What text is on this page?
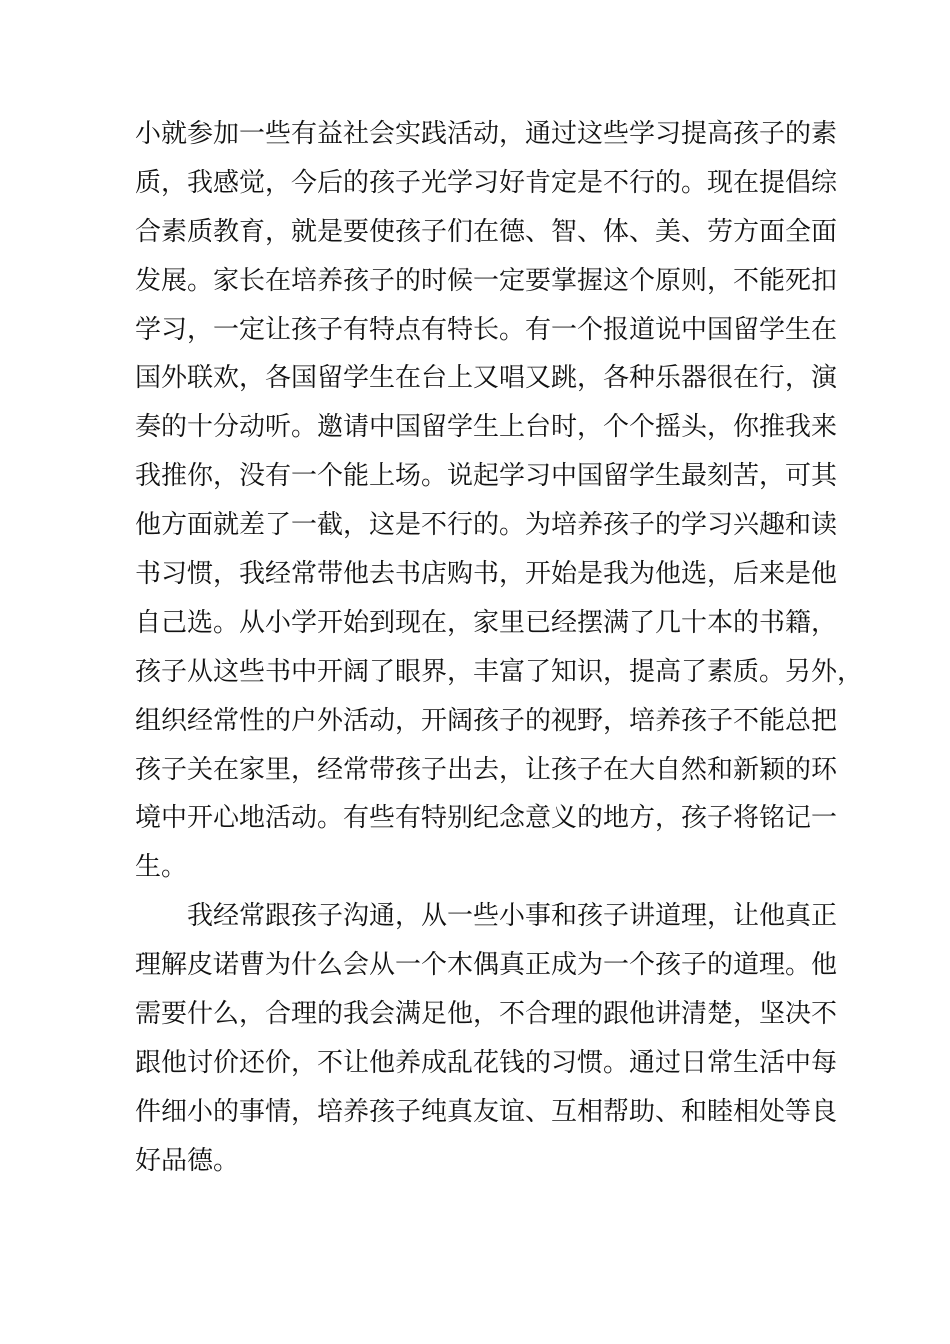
小就参加一些有益社会实践活动，通过这些学习提高孩子的素
质，我感觉，今后的孩子光学习好肯定是不行的。现在提倡综
合素质教育，就是要使孩子们在德、智、体、美、劳方面全面
发展。家长在培养孩子的时候一定要掌握这个原则，不能死扣
学习，一定让孩子有特点有特长。有一个报道说中国留学生在
国外联欢，各国留学生在台上又唱又跳，各种乐器很在行，演
奏的十分动听。邀请中国留学生上台时，个个摇头，你推我来
我推你，没有一个能上场。说起学习中国留学生最刻苦，可其
他方面就差了一截，这是不行的。为培养孩子的学习兴趣和读
书习惯，我经常带他去书店购书，开始是我为他选，后来是他
自己选。从小学开始到现在，家里已经摆满了几十本的书籍，
孩子从这些书中开阔了眼界，丰富了知识，提高了素质。另外，
组织经常性的户外活动，开阔孩子的视野，培养孩子不能总把
孩子关在家里，经常带孩子出去，让孩子在大自然和新颖的环
境中开心地活动。有些有特别纪念意义的地方，孩子将铭记一
生。
我经常跟孩子沟通，从一些小事和孩子讲道理，让他真正
理解皮诺曹为什么会从一个木偶真正成为一个孩子的道理。他
需要什么，合理的我会满足他，不合理的跟他讲清楚，坚决不
跟他讨价还价，不让他养成乱花钱的习惯。通过日常生活中每
件细小的事情，培养孩子纯真友谊、互相帮助、和睦相处等良
好品德。
